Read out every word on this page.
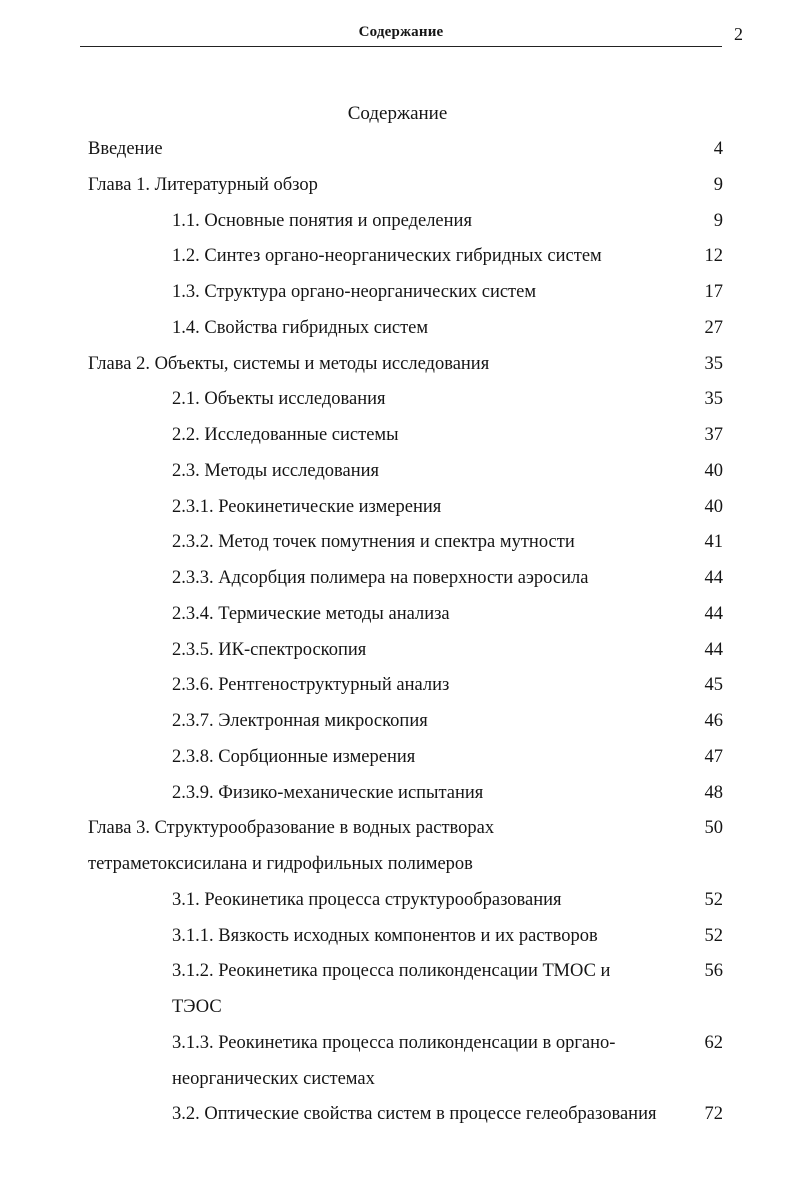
Содержание	2
Содержание
Введение	4
Глава 1. Литературный обзор	9
1.1. Основные понятия и определения	9
1.2. Синтез органо-неорганических гибридных систем	12
1.3. Структура органо-неорганических систем	17
1.4. Свойства гибридных систем	27
Глава 2. Объекты, системы и методы исследования	35
2.1. Объекты исследования	35
2.2. Исследованные системы	37
2.3. Методы исследования	40
2.3.1. Реокинетические измерения	40
2.3.2. Метод точек помутнения и спектра мутности	41
2.3.3. Адсорбция полимера на поверхности аэросила	44
2.3.4. Термические методы анализа	44
2.3.5. ИК-спектроскопия	44
2.3.6. Рентгеноструктурный анализ	45
2.3.7. Электронная микроскопия	46
2.3.8. Сорбционные измерения	47
2.3.9. Физико-механические испытания	48
Глава 3. Структурообразование в водных растворах	50
тетраметоксисилана и гидрофильных полимеров
3.1. Реокинетика процесса структурообразования	52
3.1.1. Вязкость исходных компонентов и их растворов	52
3.1.2. Реокинетика процесса поликонденсации ТМОС и	56
ТЭОС
3.1.3. Реокинетика процесса поликонденсации в органо-	62
неорганических системах
3.2. Оптические свойства систем в процессе гелеобразования	72
